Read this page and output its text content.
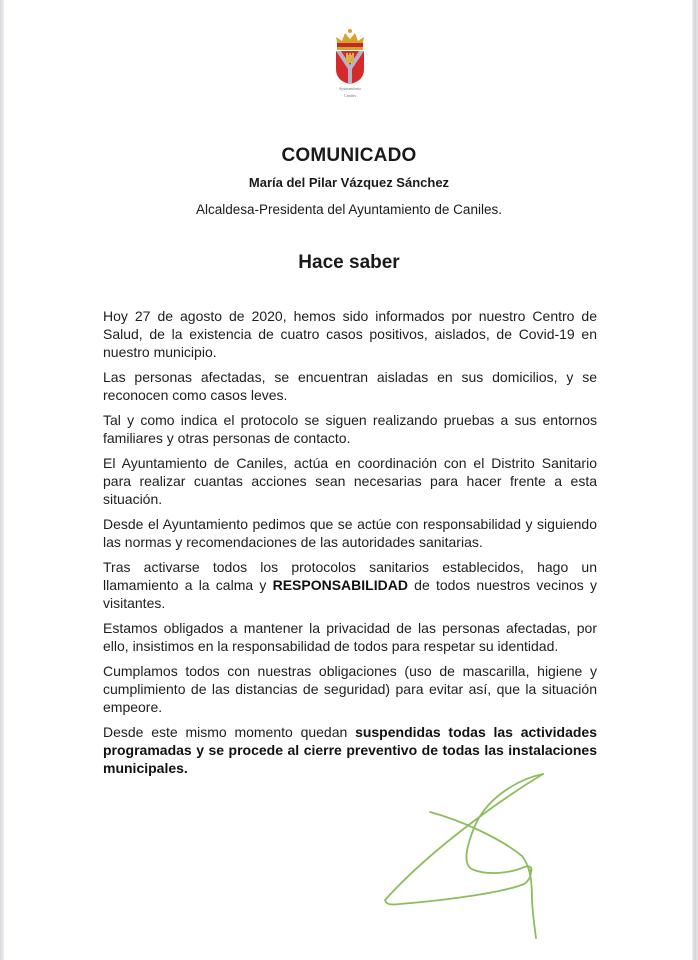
Ayuntamiento
Caniles
COMUNICADO
María del Pilar Vázquez Sánchez
Alcaldesa-Presidenta del Ayuntamiento de Caniles.
Hace saber

Hoy 27 de agosto de 2020, hemos sido informados por nuestro Centro de Salud, de la existencia de cuatro casos positivos, aislados, de Covid-19 en nuestro municipio.

Las personas afectadas, se encuentran aisladas en sus domicilios, y se reconocen como casos leves.

Tal y como indica el protocolo se siguen realizando pruebas a sus entornos familiares y otras personas de contacto.

El Ayuntamiento de Caniles, actúa en coordinación con el Distrito Sanitario para realizar cuantas acciones sean necesarias para hacer frente a esta situación.

Desde el Ayuntamiento pedimos que se actúe con responsabilidad y siguiendo las normas y recomendaciones de las autoridades sanitarias.

Tras activarse todos los protocolos sanitarios establecidos, hago un llamamiento a la calma y RESPONSABILIDAD de todos nuestros vecinos y visitantes.

Estamos obligados a mantener la privacidad de las personas afectadas, por ello, insistimos en la responsabilidad de todos para respetar su identidad.

Cumplamos todos con nuestras obligaciones (uso de mascarilla, higiene y cumplimiento de las distancias de seguridad) para evitar así, que la situación empeore.

Desde este mismo momento quedan suspendidas todas las actividades programadas y se procede al cierre preventivo de todas las instalaciones municipales.
